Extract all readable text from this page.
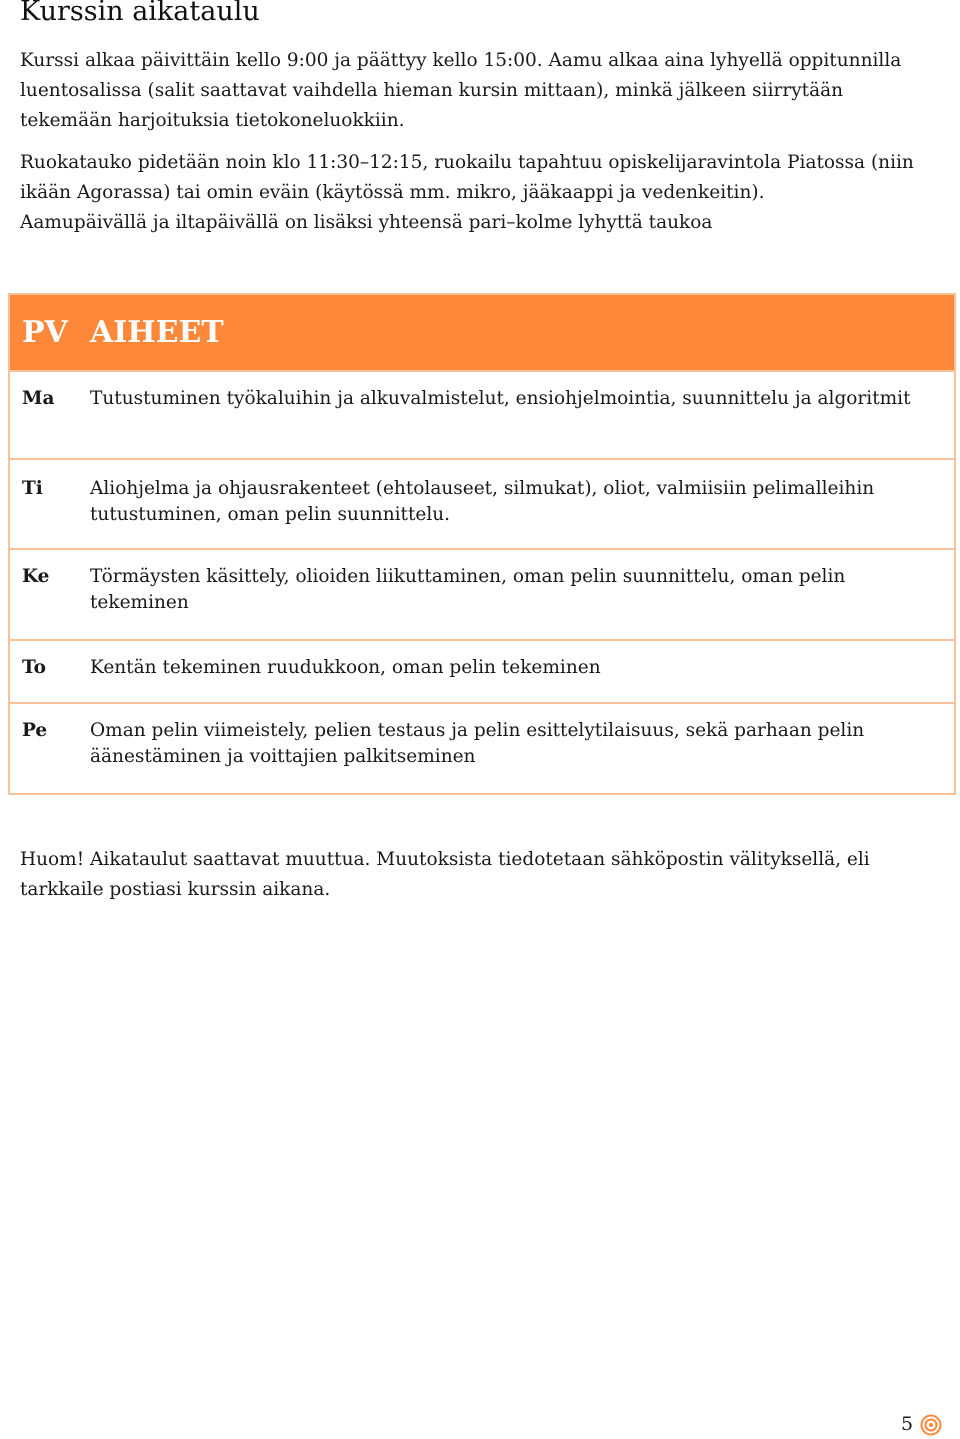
Kurssin aikataulu

Kurssi alkaa päivittäin kello 9:00 ja päättyy kello 15:00. Aamu alkaa aina lyhyellä oppitunnilla luentosalissa (salit saattavat vaihdella hieman kursin mittaan), minkä jälkeen siirrytään tekemään harjoituksia tietokoneluokkiin.

Ruokatauko pidetään noin klo 11:30–12:15, ruokailu tapahtuu opiskelijaravintola Piatossa (niin ikään Agorassa) tai omin eväin (käytössä mm. mikro, jääkaappi ja vedenkeitin).

Aamupäivällä ja iltapäivällä on lisäksi yhteensä pari–kolme lyhyttä taukoa

PV AIHEET
Ma	Tutustuminen työkaluihin ja alkuvalmistelut, ensiohjelmointia, suunnittelu ja algoritmit
Ti	Aliohjelma ja ohjausrakenteet (ehtolauseet, silmukat), oliot, valmiisiin pelimalleihin tutustuminen, oman pelin suunnittelu.
Ke	Törmäysten käsittely, olioiden liikuttaminen, oman pelin suunnittelu, oman pelin tekeminen
To	Kentän tekeminen ruudukkoon, oman pelin tekeminen
Pe	Oman pelin viimeistely, pelien testaus ja pelin esittelytilaisuus, sekä parhaan pelin äänestäminen ja voittajien palkitseminen

Huom! Aikataulut saattavat muuttua. Muutoksista tiedotetaan sähköpostin välityksellä, eli tarkkaile postiasi kurssin aikana.

5
